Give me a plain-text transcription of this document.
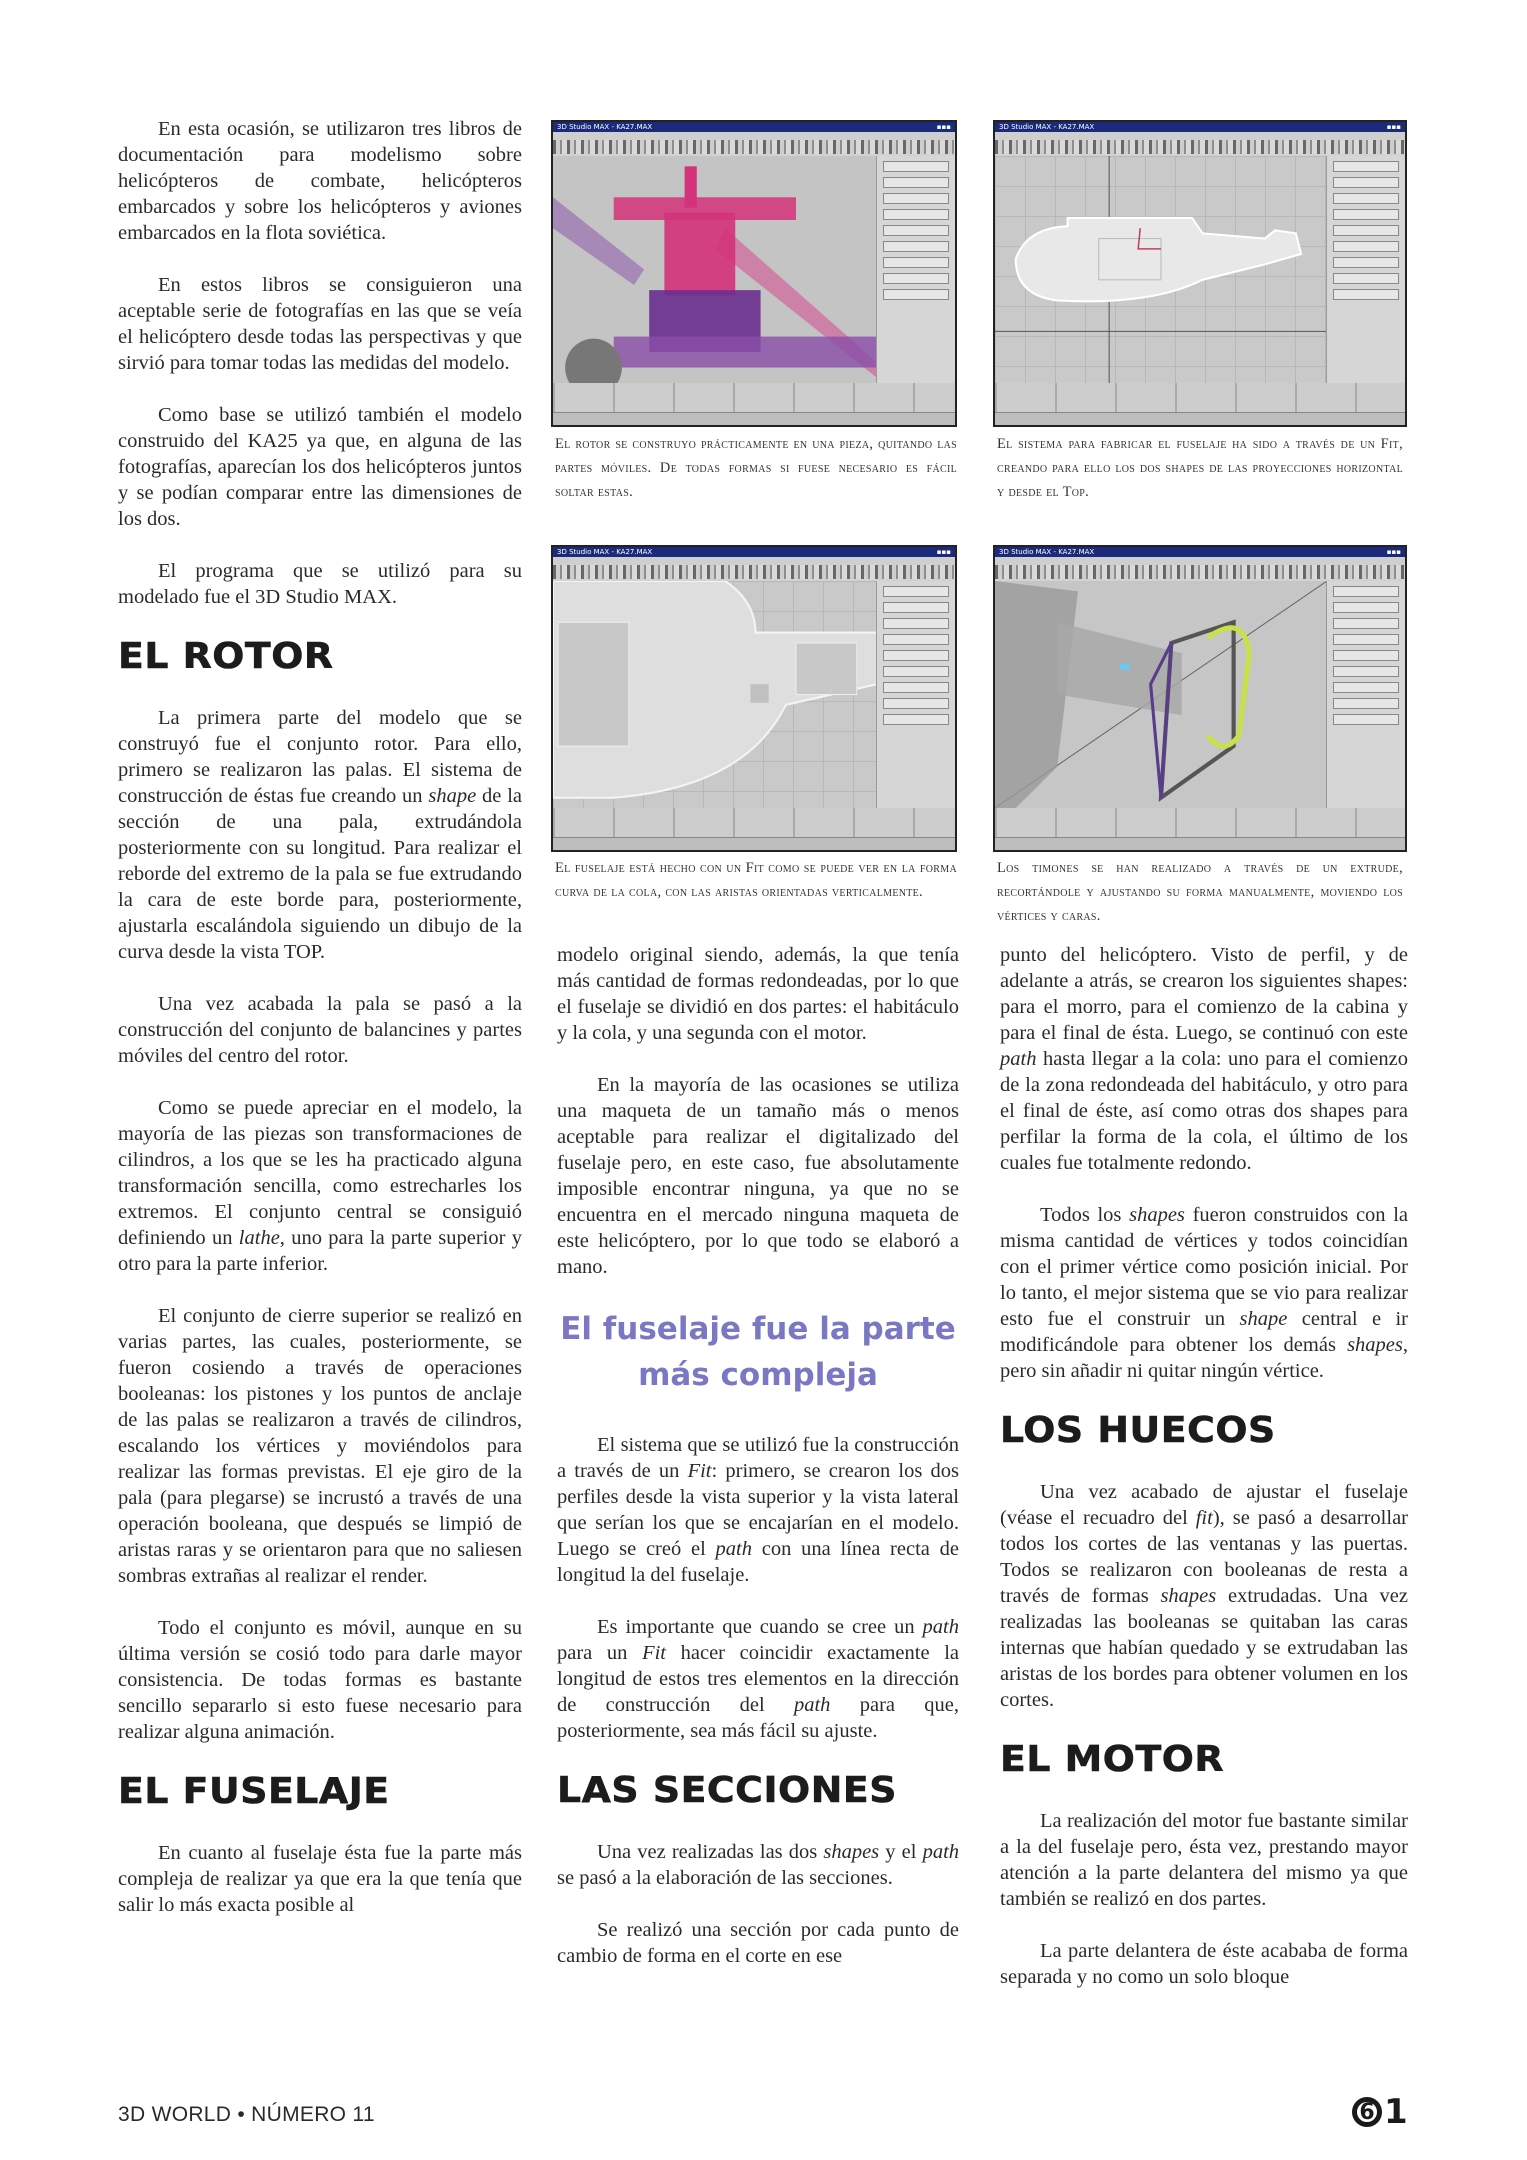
En esta ocasión, se utilizaron tres libros de documentación para modelismo sobre helicópteros de combate, helicópteros embarcados y sobre los helicópteros y aviones embarcados en la flota soviética.

En estos libros se consiguieron una aceptable serie de fotografías en las que se veía el helicóptero desde todas las perspectivas y que sirvió para tomar todas las medidas del modelo.

Como base se utilizó también el modelo construido del KA25 ya que, en alguna de las fotografías, aparecían los dos helicópteros juntos y se podían comparar entre las dimensiones de los dos.

El programa que se utilizó para su modelado fue el 3D Studio MAX.

EL ROTOR

La primera parte del modelo que se construyó fue el conjunto rotor. Para ello, primero se realizaron las palas. El sistema de construcción de éstas fue creando un shape de la sección de una pala, extrudándola posteriormente con su longitud. Para realizar el reborde del extremo de la pala se fue extrudando la cara de este borde para, posteriormente, ajustarla escalándola siguiendo un dibujo de la curva desde la vista TOP.

Una vez acabada la pala se pasó a la construcción del conjunto de balancines y partes móviles del centro del rotor.

Como se puede apreciar en el modelo, la mayoría de las piezas son transformaciones de cilindros, a los que se les ha practicado alguna transformación sencilla, como estrecharles los extremos. El conjunto central se consiguió definiendo un lathe, uno para la parte superior y otro para la parte inferior.

El conjunto de cierre superior se realizó en varias partes, las cuales, posteriormente, se fueron cosiendo a través de operaciones booleanas: los pistones y los puntos de anclaje de las palas se realizaron a través de cilindros, escalando los vértices y moviéndolos para realizar las formas previstas. El eje giro de la pala (para plegarse) se incrustó a través de una operación booleana, que después se limpió de aristas raras y se orientaron para que no saliesen sombras extrañas al realizar el render.

Todo el conjunto es móvil, aunque en su última versión se cosió todo para darle mayor consistencia. De todas formas es bastante sencillo separarlo si esto fuese necesario para realizar alguna animación.

EL FUSELAJE

En cuanto al fuselaje ésta fue la parte más compleja de realizar ya que era la que tenía que salir lo más exacta posible al

3D Studio MAX - KA27.MAX	▪▪▪

El rotor se construyo prácticamente en una pieza, quitando las partes móviles. De todas formas si fuese necesario es fácil soltar estas.

3D Studio MAX - KA27.MAX	▪▪▪

El sistema para fabricar el fuselaje ha sido a través de un Fit, creando para ello los dos shapes de las proyecciones horizontal y desde el Top.

3D Studio MAX - KA27.MAX	▪▪▪

El fuselaje está hecho con un Fit como se puede ver en la forma curva de la cola, con las aristas orientadas verticalmente.

3D Studio MAX - KA27.MAX	▪▪▪

Los timones se han realizado a través de un extrude, recortándole y ajustando su forma manualmente, moviendo los vértices y caras.

modelo original siendo, además, la que tenía más cantidad de formas redondeadas, por lo que el fuselaje se dividió en dos partes: el habitáculo y la cola, y una segunda con el motor.

En la mayoría de las ocasiones se utiliza una maqueta de un tamaño más o menos aceptable para realizar el digitalizado del fuselaje pero, en este caso, fue absolutamente imposible encontrar ninguna, ya que no se encuentra en el mercado ninguna maqueta de este helicóptero, por lo que todo se elaboró a mano.

El fuselaje fue la parte más compleja

El sistema que se utilizó fue la construcción a través de un Fit: primero, se crearon los dos perfiles desde la vista superior y la vista lateral que serían los que se encajarían en el modelo. Luego se creó el path con una línea recta de longitud la del fuselaje.

Es importante que cuando se cree un path para un Fit hacer coincidir exactamente la longitud de estos tres elementos en la dirección de construcción del path para que, posteriormente, sea más fácil su ajuste.

LAS SECCIONES

Una vez realizadas las dos shapes y el path se pasó a la elaboración de las secciones.

Se realizó una sección por cada punto de cambio de forma en el corte en ese

punto del helicóptero. Visto de perfil, y de adelante a atrás, se crearon los siguientes shapes: para el morro, para el comienzo de la cabina y para el final de ésta. Luego, se continuó con este path hasta llegar a la cola: uno para el comienzo de la zona redondeada del habitáculo, y otro para el final de éste, así como otras dos shapes para perfilar la forma de la cola, el último de los cuales fue totalmente redondo.

Todos los shapes fueron construidos con la misma cantidad de vértices y todos coincidían con el primer vértice como posición inicial. Por lo tanto, el mejor sistema que se vio para realizar esto fue el construir un shape central e ir modificándole para obtener los demás shapes, pero sin añadir ni quitar ningún vértice.

LOS HUECOS

Una vez acabado de ajustar el fuselaje (véase el recuadro del fit), se pasó a desarrollar todos los cortes de las ventanas y las puertas. Todos se realizaron con booleanas de resta a través de formas shapes extrudadas. Una vez realizadas las booleanas se quitaban las caras internas que habían quedado y se extrudaban las aristas de los bordes para obtener volumen en los cortes.

EL MOTOR

La realización del motor fue bastante similar a la del fuselaje pero, ésta vez, prestando mayor atención a la parte delantera del mismo ya que también se realizó en dos partes.

La parte delantera de éste acababa de forma separada y no como un solo bloque

3D WORLD • NÚMERO 11	6 1
